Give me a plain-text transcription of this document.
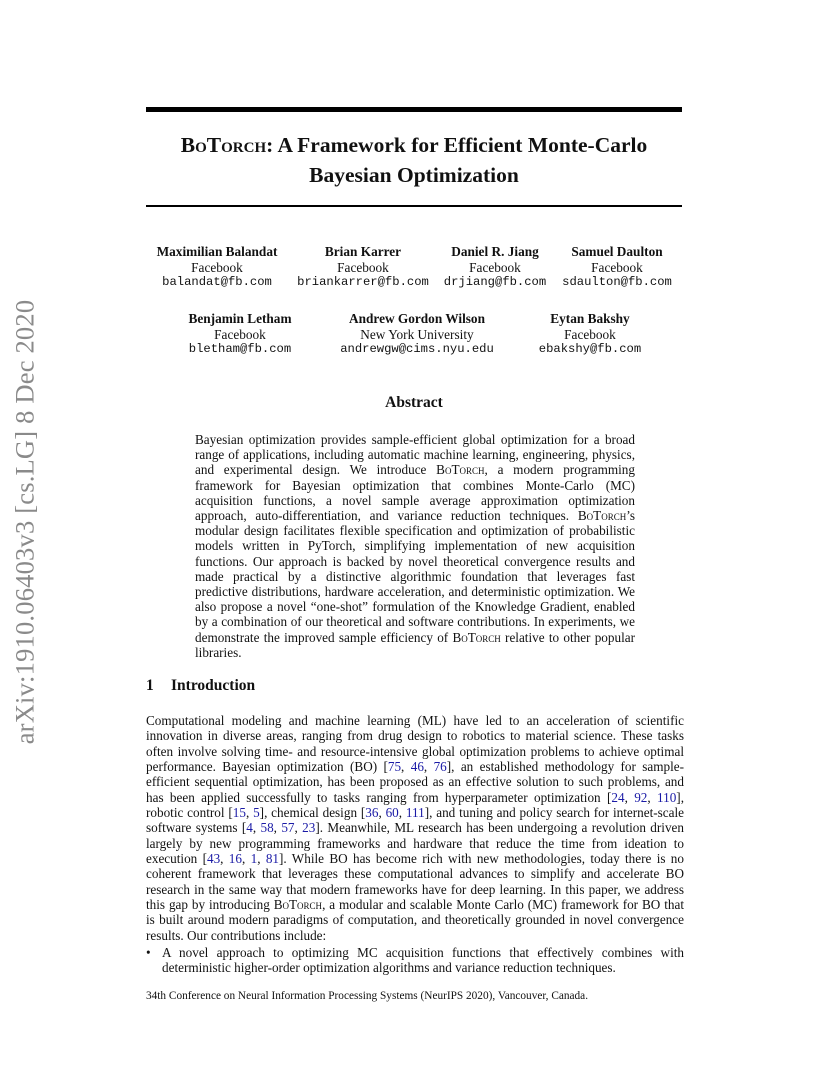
BoTorch: A Framework for Efficient Monte-Carlo
Bayesian Optimization
arXiv:1910.06403v3 [cs.LG] 8 Dec 2020
Maximilian Balandat
Facebook
balandat@fb.com
Brian Karrer
Facebook
briankarrer@fb.com
Daniel R. Jiang
Facebook
drjiang@fb.com
Samuel Daulton
Facebook
sdaulton@fb.com
Benjamin Letham
Facebook
bletham@fb.com
Andrew Gordon Wilson
New York University
andrewgw@cims.nyu.edu
Eytan Bakshy
Facebook
ebakshy@fb.com
Abstract
Bayesian optimization provides sample-efficient global optimization for a broad range of applications, including automatic machine learning, engineering, physics, and experimental design. We introduce BoTorch, a modern programming framework for Bayesian optimization that combines Monte-Carlo (MC) acquisition functions, a novel sample average approximation optimization approach, auto-differentiation, and variance reduction techniques. BoTorch’s modular design facilitates flexible specification and optimization of probabilistic models written in PyTorch, simplifying implementation of new acquisition functions. Our approach is backed by novel theoretical convergence results and made practical by a distinctive algorithmic foundation that leverages fast predictive distributions, hardware acceleration, and deterministic optimization. We also propose a novel “one-shot” formulation of the Knowledge Gradient, enabled by a combination of our theoretical and software contributions. In experiments, we demonstrate the improved sample efficiency of BoTorch relative to other popular libraries.
1 Introduction
Computational modeling and machine learning (ML) have led to an acceleration of scientific innovation in diverse areas, ranging from drug design to robotics to material science. These tasks often involve solving time- and resource-intensive global optimization problems to achieve optimal performance. Bayesian optimization (BO) [75, 46, 76], an established methodology for sample-efficient sequential optimization, has been proposed as an effective solution to such problems, and has been applied successfully to tasks ranging from hyperparameter optimization [24, 92, 110], robotic control [15, 5], chemical design [36, 60, 111], and tuning and policy search for internet-scale software systems [4, 58, 57, 23]. Meanwhile, ML research has been undergoing a revolution driven largely by new programming frameworks and hardware that reduce the time from ideation to execution [43, 16, 1, 81]. While BO has become rich with new methodologies, today there is no coherent framework that leverages these computational advances to simplify and accelerate BO research in the same way that modern frameworks have for deep learning. In this paper, we address this gap by introducing BoTorch, a modular and scalable Monte Carlo (MC) framework for BO that is built around modern paradigms of computation, and theoretically grounded in novel convergence results. Our contributions include:
• A novel approach to optimizing MC acquisition functions that effectively combines with deterministic higher-order optimization algorithms and variance reduction techniques.
34th Conference on Neural Information Processing Systems (NeurIPS 2020), Vancouver, Canada.
